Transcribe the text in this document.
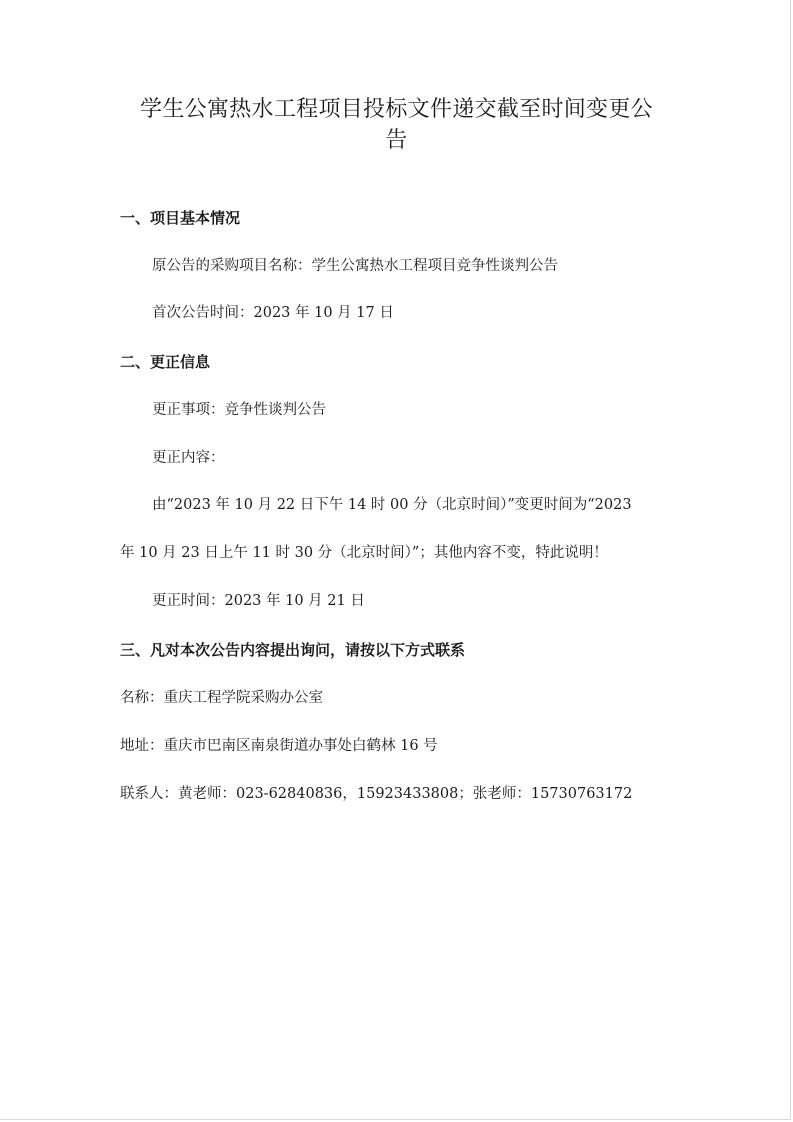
学生公寓热水工程项目投标文件递交截至时间变更公
告
一、项目基本情况

原公告的采购项目名称：学生公寓热水工程项目竞争性谈判公告

首次公告时间：2023 年 10 月 17 日

二、更正信息

更正事项：竞争性谈判公告

更正内容：

由“2023 年 10 月 22 日下午 14 时 00 分（北京时间）”变更时间为“2023

年 10 月 23 日上午 11 时 30 分（北京时间）”；其他内容不变，特此说明！

更正时间：2023 年 10 月 21 日

三、凡对本次公告内容提出询问，请按以下方式联系

名称：重庆工程学院采购办公室

地址：重庆市巴南区南泉街道办事处白鹤林 16 号

联系人：黄老师：023-62840836，15923433808；张老师：15730763172
